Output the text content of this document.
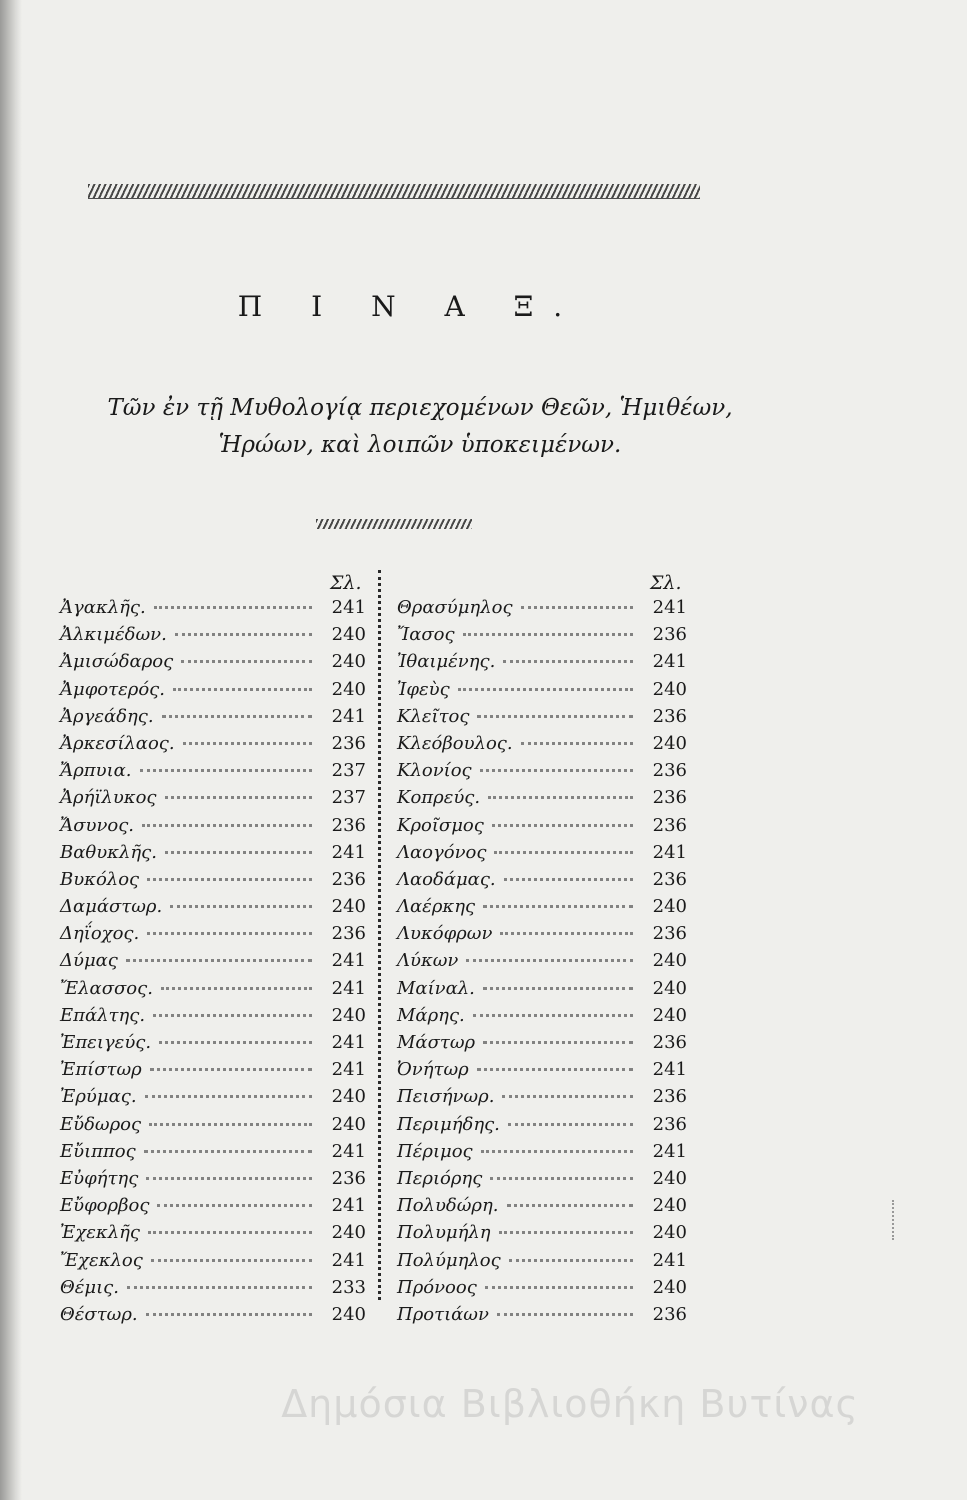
Π Ι Ν Α Ξ.
Τῶν ἐν τῇ Μυθολογίᾳ περιεχομένων Θεῶν, Ἡμιθέων,
Ἡρώων, καὶ λοιπῶν ὑποκειμένων.
Σλ.	Σλ.
Ἀγακλῆς.	241
Ἀλκιμέδων.	240
Ἀμισώδαρος	240
Ἀμφοτερός.	240
Ἀργεάδης.	241
Ἀρκεσίλαος.	236
Ἄρπυια.	237
Ἀρήϊλυκος	237
Ἄσυνος.	236
Βαθυκλῆς.	241
Βυκόλος	236
Δαμάστωρ.	240
Δηΐοχος.	236
Δύμας	241
Ἔλασσος.	241
Επάλτης.	240
Ἐπειγεύς.	241
Ἐπίστωρ	241
Ἐρύμας.	240
Εὔδωρος	240
Εὔιππος	241
Εὐφήτης	236
Εὔφορβος	241
Ἐχεκλῆς	240
Ἔχεκλος	241
Θέμις.	233
Θέστωρ.	240
Θρασύμηλος	241
Ἴασος	236
Ἰθαιμένης.	241
Ἰφεὺς	240
Κλεῖτος	236
Κλεόβουλος.	240
Κλονίος	236
Κοπρεύς.	236
Κροῖσμος	236
Λαογόνος	241
Λαοδάμας.	236
Λαέρκης	240
Λυκόφρων	236
Λύκων	240
Μαίναλ.	240
Μάρης.	240
Μάστωρ	236
Ὀνήτωρ	241
Πεισήνωρ.	236
Περιμήδης.	236
Πέριμος	241
Περιόρης	240
Πολυδώρη.	240
Πολυμήλη	240
Πολύμηλος	241
Πρόνοος	240
Προτιάων	236
Δημόσια Βιβλιοθήκη Βυτίνας
